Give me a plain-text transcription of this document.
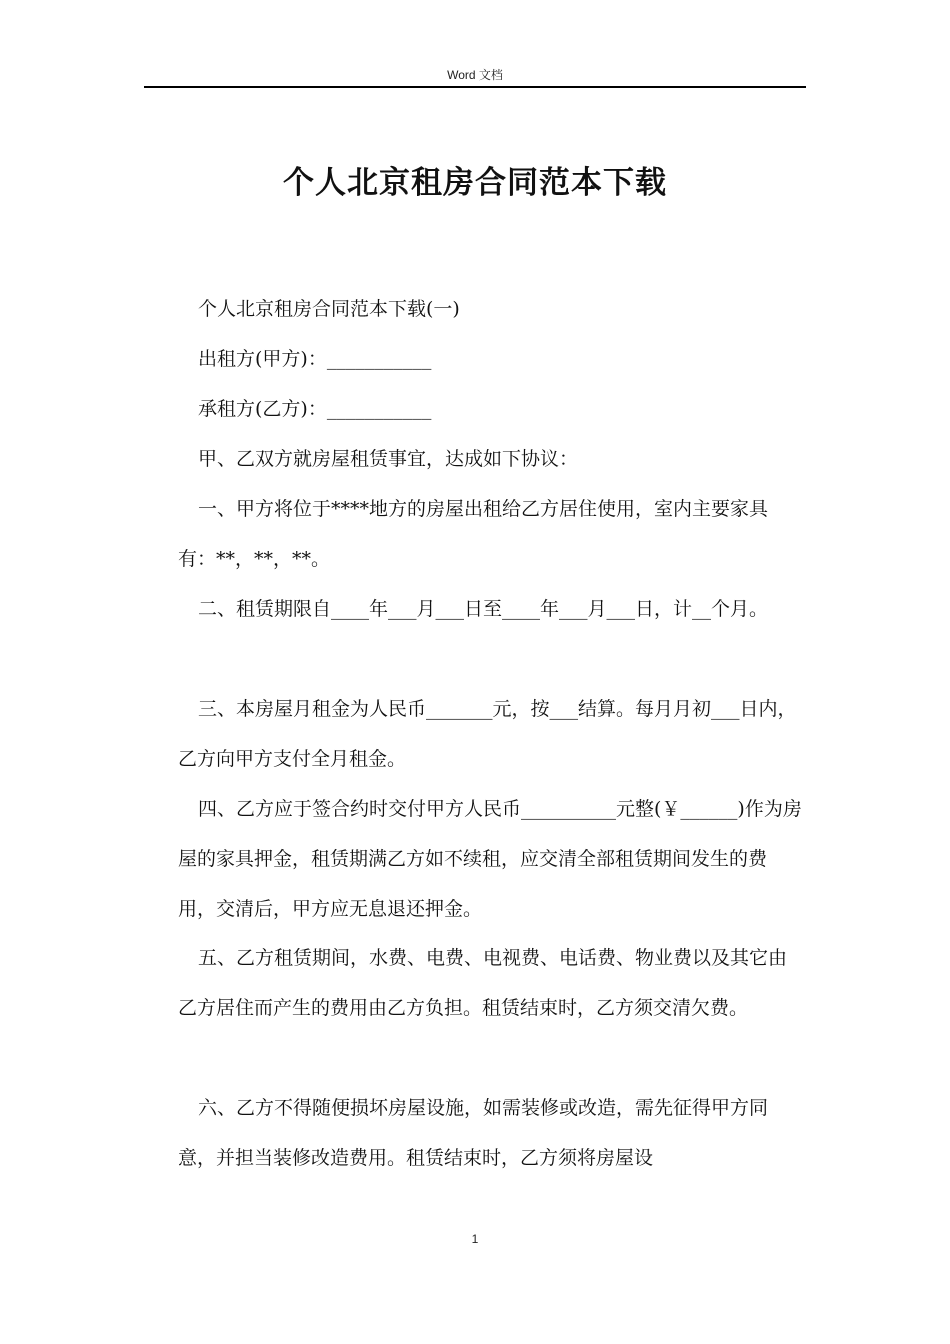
Word 文档
个人北京租房合同范本下载

个人北京租房合同范本下载(一)

出租方(甲方)：___________

承租方(乙方)：___________

甲、乙双方就房屋租赁事宜，达成如下协议：

一、甲方将位于****地方的房屋出租给乙方居住使用，室内主要家具有：**，**，**。

二、租赁期限自____年___月___日至____年___月___日，计__个月。

三、本房屋月租金为人民币_______元，按___结算。每月月初___日内，乙方向甲方支付全月租金。

四、乙方应于签合约时交付甲方人民币__________元整(￥______)作为房屋的家具押金，租赁期满乙方如不续租，应交清全部租赁期间发生的费用，交清后，甲方应无息退还押金。

五、乙方租赁期间，水费、电费、电视费、电话费、物业费以及其它由乙方居住而产生的费用由乙方负担。租赁结束时，乙方须交清欠费。

六、乙方不得随便损坏房屋设施，如需装修或改造，需先征得甲方同意，并担当装修改造费用。租赁结束时，乙方须将房屋设

1
